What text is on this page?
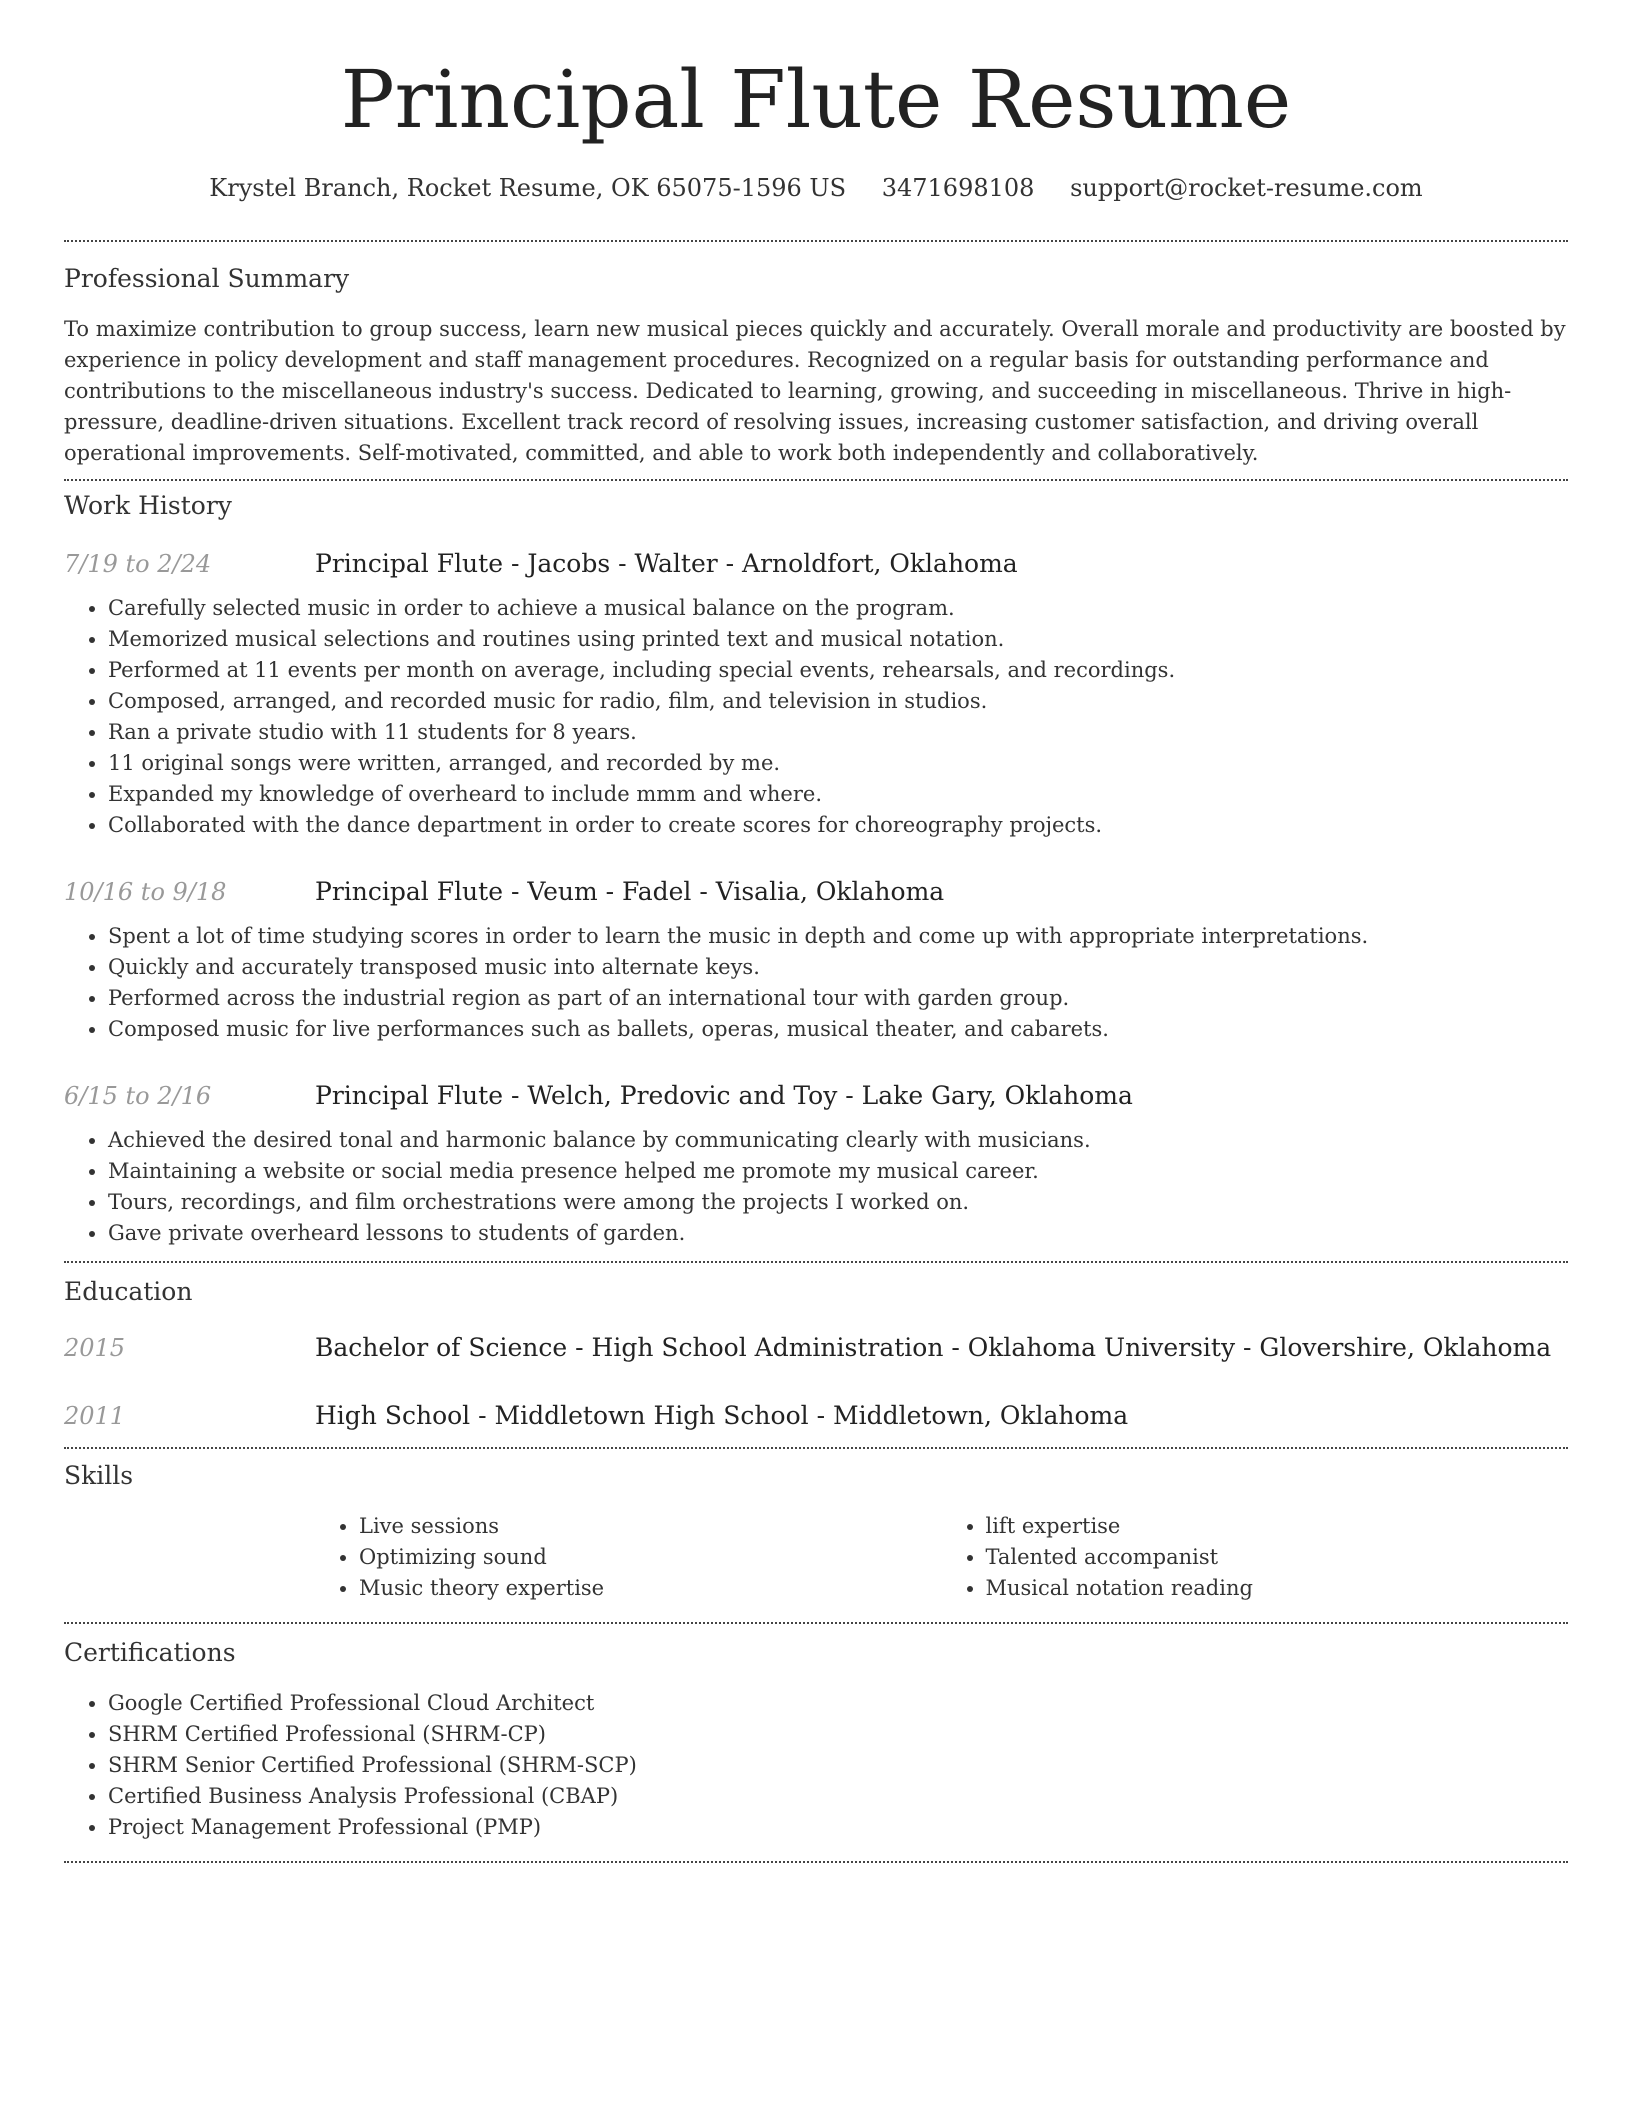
Principal Flute Resume
Krystel Branch, Rocket Resume, OK 65075-1596 US 3471698108 support@rocket-resume.com
Professional Summary

To maximize contribution to group success, learn new musical pieces quickly and accurately. Overall morale and productivity are boosted by experience in policy development and staff management procedures. Recognized on a regular basis for outstanding performance and contributions to the miscellaneous industry's success. Dedicated to learning, growing, and succeeding in miscellaneous. Thrive in high-pressure, deadline-driven situations. Excellent track record of resolving issues, increasing customer satisfaction, and driving overall operational improvements. Self-motivated, committed, and able to work both independently and collaboratively.

Work History
7/19 to 2/24	Principal Flute - Jacobs - Walter - Arnoldfort, Oklahoma
• Carefully selected music in order to achieve a musical balance on the program.
• Memorized musical selections and routines using printed text and musical notation.
• Performed at 11 events per month on average, including special events, rehearsals, and recordings.
• Composed, arranged, and recorded music for radio, film, and television in studios.
• Ran a private studio with 11 students for 8 years.
• 11 original songs were written, arranged, and recorded by me.
• Expanded my knowledge of overheard to include mmm and where.
• Collaborated with the dance department in order to create scores for choreography projects.
10/16 to 9/18	Principal Flute - Veum - Fadel - Visalia, Oklahoma
• Spent a lot of time studying scores in order to learn the music in depth and come up with appropriate interpretations.
• Quickly and accurately transposed music into alternate keys.
• Performed across the industrial region as part of an international tour with garden group.
• Composed music for live performances such as ballets, operas, musical theater, and cabarets.
6/15 to 2/16	Principal Flute - Welch, Predovic and Toy - Lake Gary, Oklahoma
• Achieved the desired tonal and harmonic balance by communicating clearly with musicians.
• Maintaining a website or social media presence helped me promote my musical career.
• Tours, recordings, and film orchestrations were among the projects I worked on.
• Gave private overheard lessons to students of garden.
Education
2015	Bachelor of Science - High School Administration - Oklahoma University - Glovershire, Oklahoma
2011	High School - Middletown High School - Middletown, Oklahoma
Skills
• Live sessions
• Optimizing sound
• Music theory expertise
• lift expertise
• Talented accompanist
• Musical notation reading
Certifications
• Google Certified Professional Cloud Architect
• SHRM Certified Professional (SHRM-CP)
• SHRM Senior Certified Professional (SHRM-SCP)
• Certified Business Analysis Professional (CBAP)
• Project Management Professional (PMP)
